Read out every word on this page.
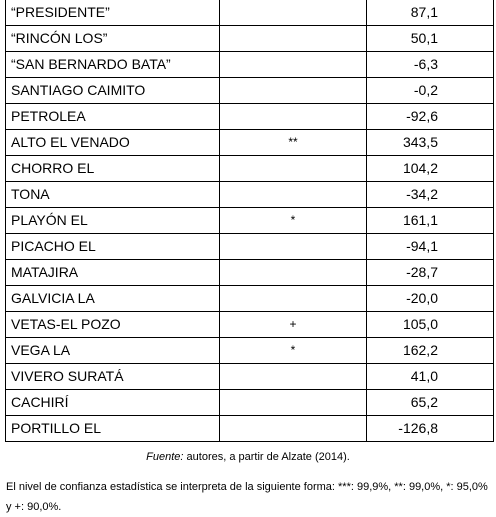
“PRESIDENTE”		87,1
“RINCÓN LOS”		50,1
“SAN BERNARDO BATA”		-6,3
SANTIAGO CAIMITO		-0,2
PETROLEA		-92,6
ALTO EL VENADO	**	343,5
CHORRO EL		104,2
TONA		-34,2
PLAYÓN EL	*	161,1
PICACHO EL		-94,1
MATAJIRA		-28,7
GALVICIA LA		-20,0
VETAS-EL POZO	+	105,0
VEGA LA	*	162,2
VIVERO SURATÁ		41,0
CACHIRÍ		65,2
PORTILLO EL		-126,8
Fuente: autores, a partir de Alzate (2014).
El nivel de confianza estadística se interpreta de la siguiente forma: ***: 99,9%, **: 99,0%, *: 95,0% y +: 90,0%.
